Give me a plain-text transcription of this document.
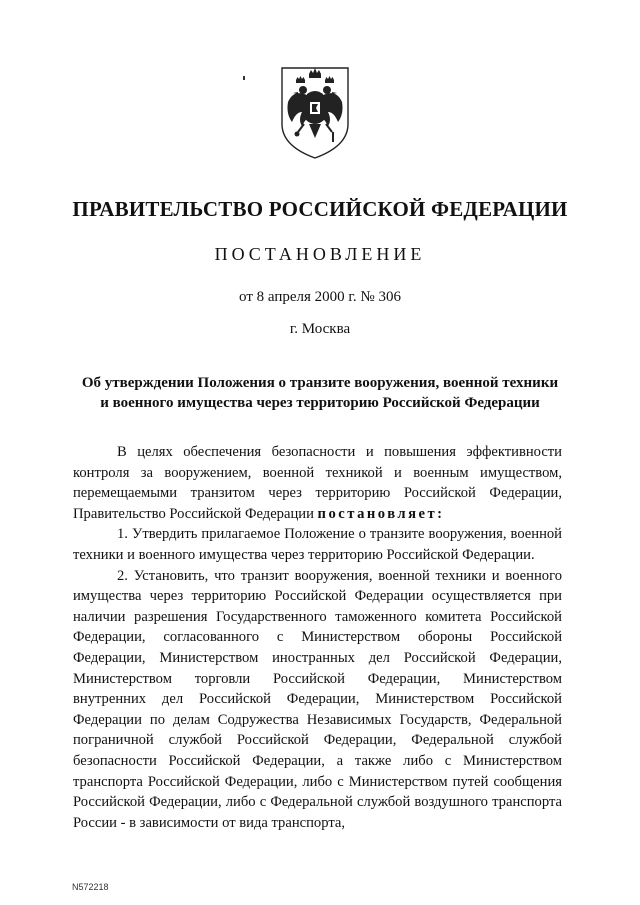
ПРАВИТЕЛЬСТВО РОССИЙСКОЙ ФЕДЕРАЦИИ
ПОСТАНОВЛЕНИЕ
от 8 апреля 2000 г. № 306
г. Москва
Об утверждении Положения о транзите вооружения, военной техники
и военного имущества через территорию Российской Федерации

В целях обеспечения безопасности и повышения эффективности контроля за вооружением, военной техникой и военным имуществом, перемещаемыми транзитом через территорию Российской Федерации, Правительство Российской Федерации постановляет:

1. Утвердить прилагаемое Положение о транзите вооружения, военной техники и военного имущества через территорию Российской Федерации.

2. Установить, что транзит вооружения, военной техники и военного имущества через территорию Российской Федерации осуществляется при наличии разрешения Государственного таможенного комитета Российской Федерации, согласованного с Министерством обороны Российской Федерации, Министерством иностранных дел Российской Федерации, Министерством торговли Российской Федерации, Министерством внутренних дел Российской Федерации, Министерством Российской Федерации по делам Содружества Независимых Государств, Федеральной пограничной службой Российской Федерации, Федеральной службой безопасности Российской Федерации, а также либо с Министерством транспорта Российской Федерации, либо с Министерством путей сообщения Российской Федерации, либо с Федеральной службой воздушного транспорта России - в зависимости от вида транспорта,

N572218
